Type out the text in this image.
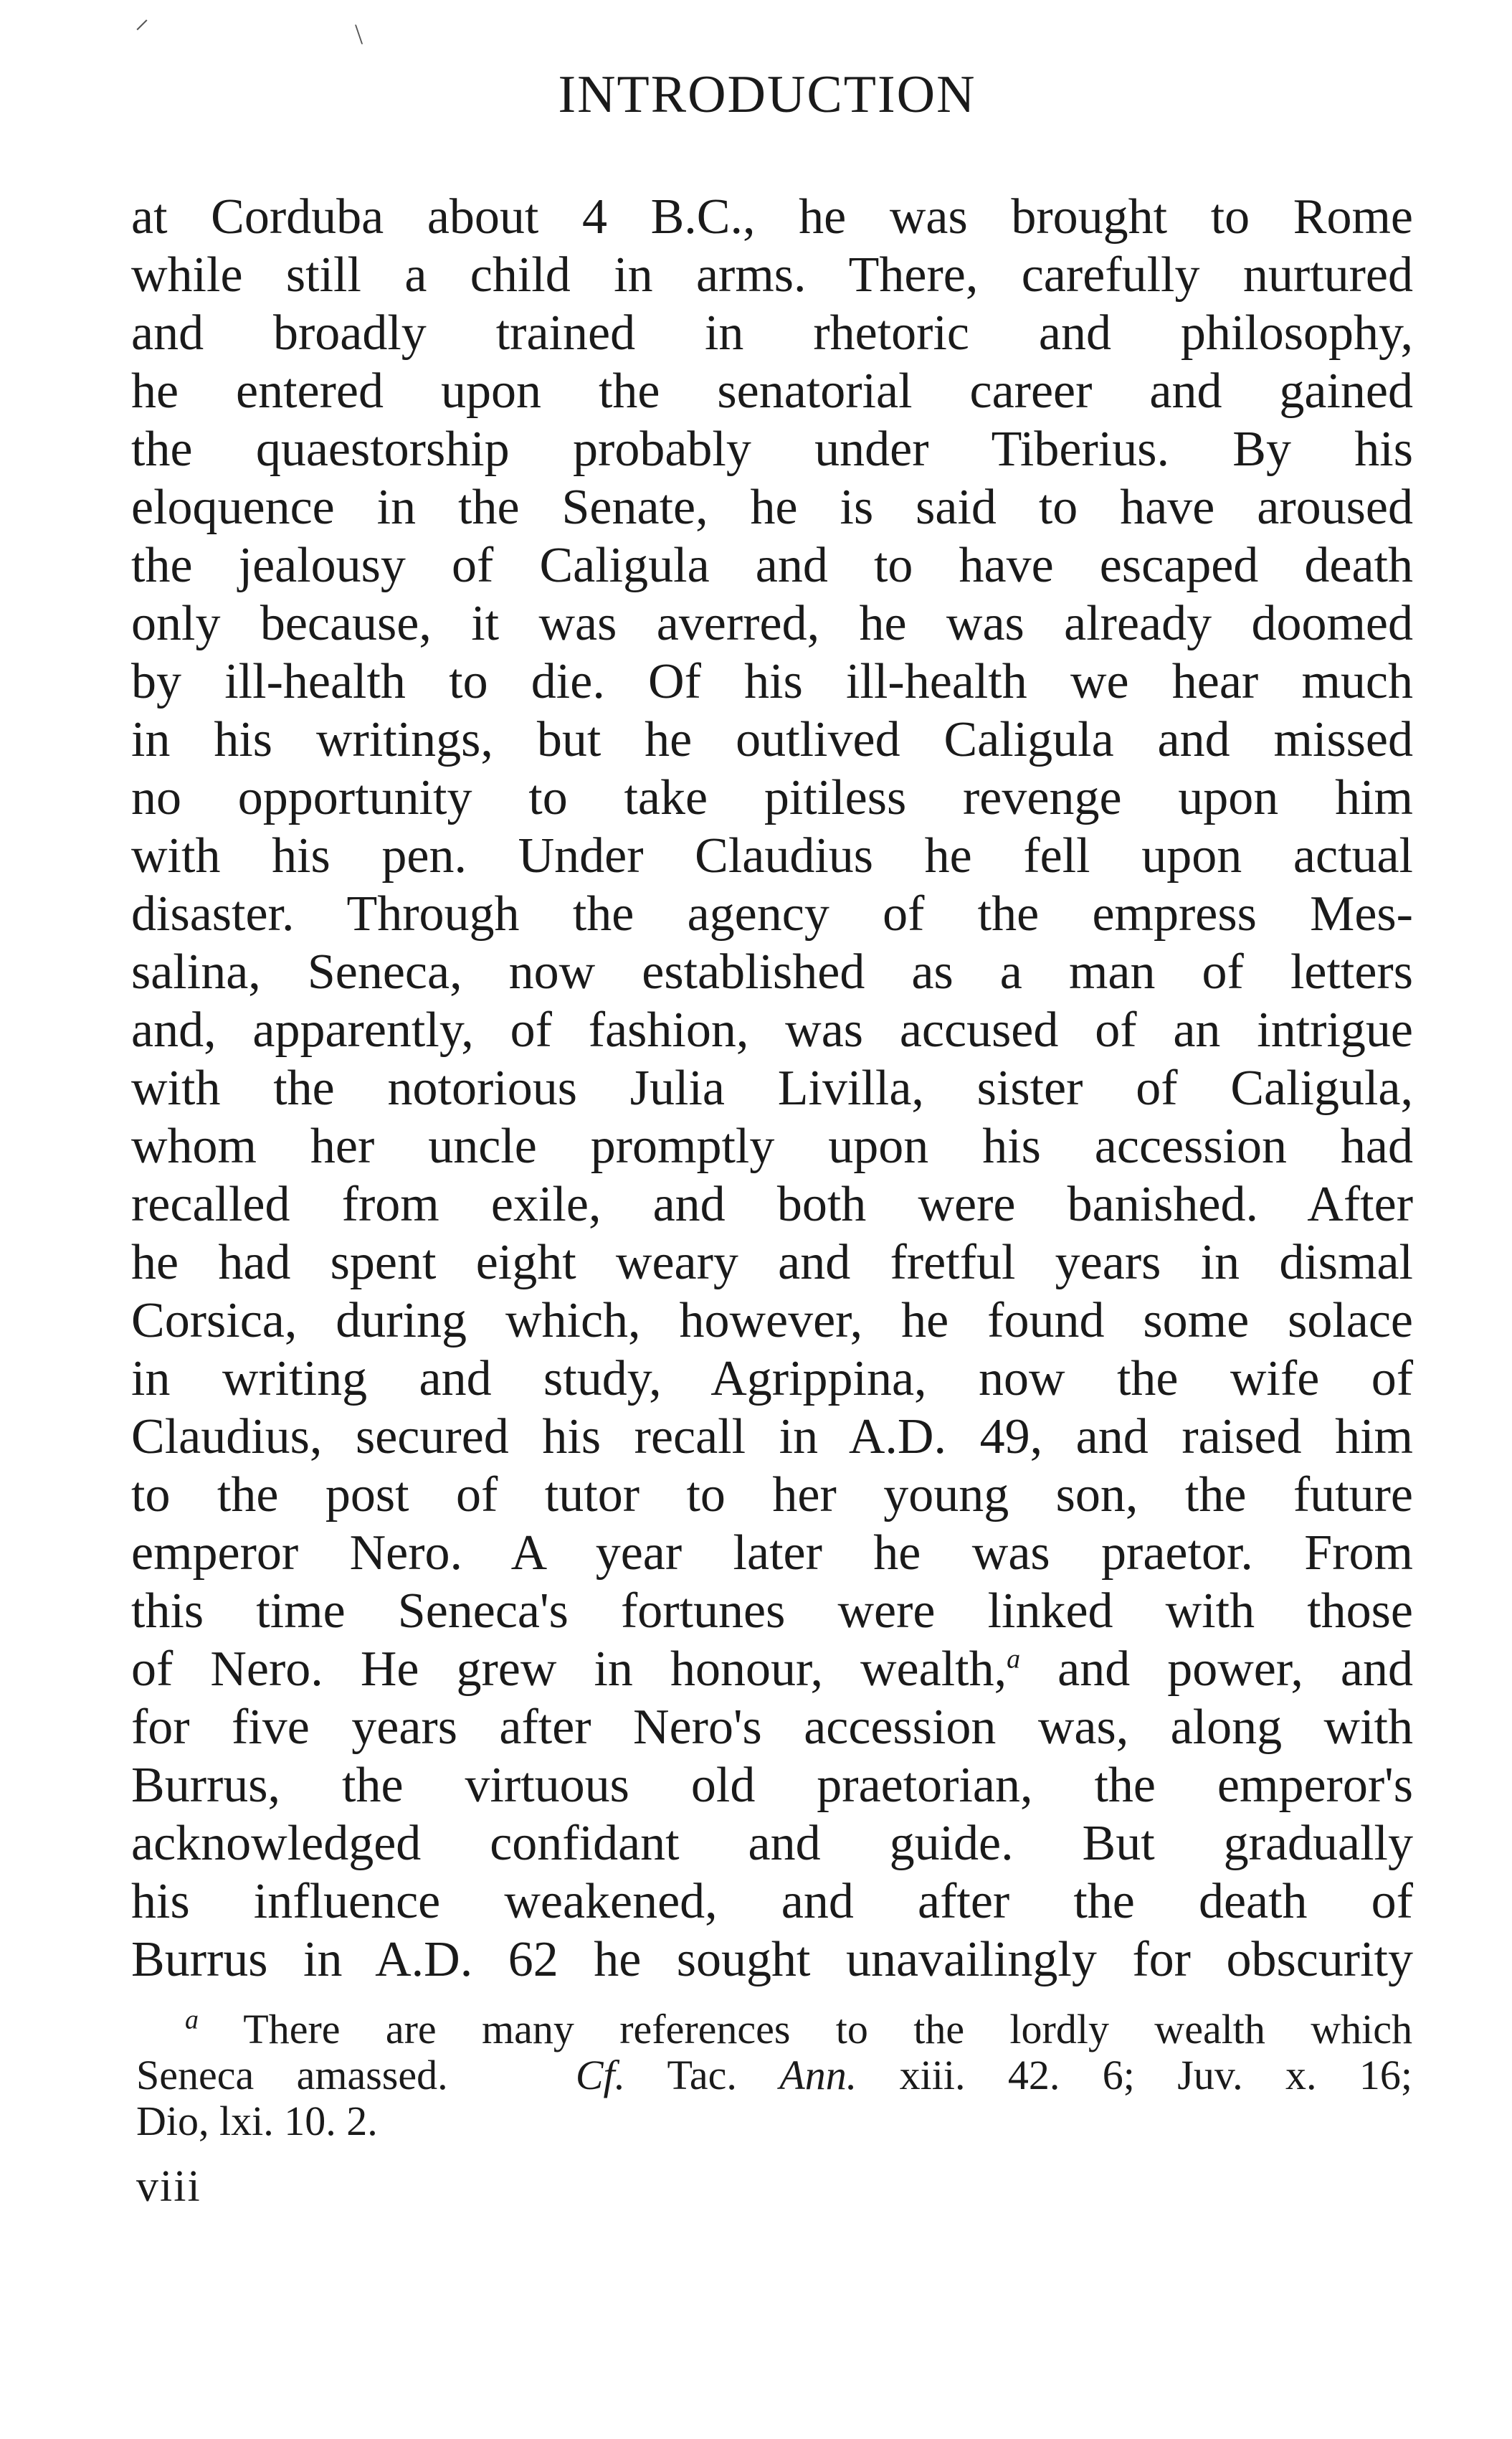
⸝	\
INTRODUCTION
at Corduba about 4 B.C., he was brought to Rome
while still a child in arms. There, carefully nurtured
and broadly trained in rhetoric and philosophy,
he entered upon the senatorial career and gained
the quaestorship probably under Tiberius. By his
eloquence in the Senate, he is said to have aroused
the jealousy of Caligula and to have escaped death
only because, it was averred, he was already doomed
by ill-health to die. Of his ill-health we hear much
in his writings, but he outlived Caligula and missed
no opportunity to take pitiless revenge upon him
with his pen. Under Claudius he fell upon actual
disaster. Through the agency of the empress Mes-
salina, Seneca, now established as a man of letters
and, apparently, of fashion, was accused of an intrigue
with the notorious Julia Livilla, sister of Caligula,
whom her uncle promptly upon his accession had
recalled from exile, and both were banished. After
he had spent eight weary and fretful years in dismal
Corsica, during which, however, he found some solace
in writing and study, Agrippina, now the wife of
Claudius, secured his recall in A.D. 49, and raised him
to the post of tutor to her young son, the future
emperor Nero. A year later he was praetor. From
this time Seneca's fortunes were linked with those
of Nero. He grew in honour, wealth,$^a$ and power, and
for five years after Nero's accession was, along with
Burrus, the virtuous old praetorian, the emperor's
acknowledged confidant and guide. But gradually
his influence weakened, and after the death of
Burrus in A.D. 62 he sought unavailingly for obscurity
$^a$ There are many references to the lordly wealth which
Seneca amassed.	Cf. Tac. Ann. xiii. 42. 6; Juv. x. 16;
Dio, lxi. 10. 2.
viii
